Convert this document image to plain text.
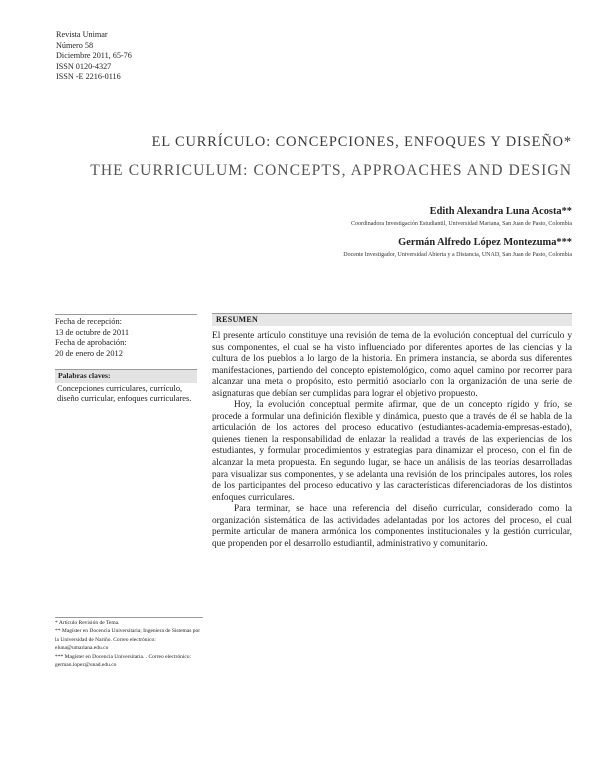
Revista Unimar
Número 58
Diciembre 2011, 65-76
ISSN 0120-4327
ISSN -E 2216-0116
EL CURRÍCULO: CONCEPCIONES, ENFOQUES Y DISEÑO*
THE CURRICULUM: CONCEPTS, APPROACHES AND DESIGN
Edith Alexandra Luna Acosta**
Coordinadora Investigación Estudiantil, Universidad Mariana, San Juan de Pasto, Colombia
Germán Alfredo López Montezuma***
Docente Investigador, Universidad Abierta y a Distancia, UNAD, San Juan de Pasto, Colombia
Fecha de recepción:
13 de octubre de 2011
Fecha de aprobación:
20 de enero de 2012
Palabras claves:
Concepciones curriculares, currículo, diseño curricular, enfoques curriculares.
RESUMEN

El presente artículo constituye una revisión de tema de la evolución conceptual del currículo y sus componentes, el cual se ha visto influenciado por diferentes aportes de las ciencias y la cultura de los pueblos a lo largo de la historia. En primera instancia, se aborda sus diferentes manifestaciones, partiendo del concepto epistemológico, como aquel camino por recorrer para alcanzar una meta o propósito, esto permitió asociarlo con la organización de una serie de asignaturas que debían ser cumplidas para lograr el objetivo propuesto.

Hoy, la evolución conceptual permite afirmar, que de un concepto rígido y frío, se procede a formular una definición flexible y dinámica, puesto que a través de él se habla de la articulación de los actores del proceso educativo (estudiantes-academia-empresas-estado), quienes tienen la responsabilidad de enlazar la realidad a través de las experiencias de los estudiantes, y formular procedimientos y estrategias para dinamizar el proceso, con el fin de alcanzar la meta propuesta. En segundo lugar, se hace un análisis de las teorías desarrolladas para visualizar sus componentes, y se adelanta una revisión de los principales autores, los roles de los participantes del proceso educativo y las características diferenciadoras de los distintos enfoques curriculares.

Para terminar, se hace una referencia del diseño curricular, considerado como la organización sistemática de las actividades adelantadas por los actores del proceso, el cual permite articular de manera armónica los componentes institucionales y la gestión curricular, que propenden por el desarrollo estudiantil, administrativo y comunitario.

* Artículo Revisión de Tema.
** Magíster en Docencia Universitaria; Ingeniera de Sistemas por la Universidad de Nariño. Correo electrónico: eluna@umariana.edu.co
*** Magíster en Docencia Universitaria. . Correo electrónico: german.lopez@unad.edu.co
